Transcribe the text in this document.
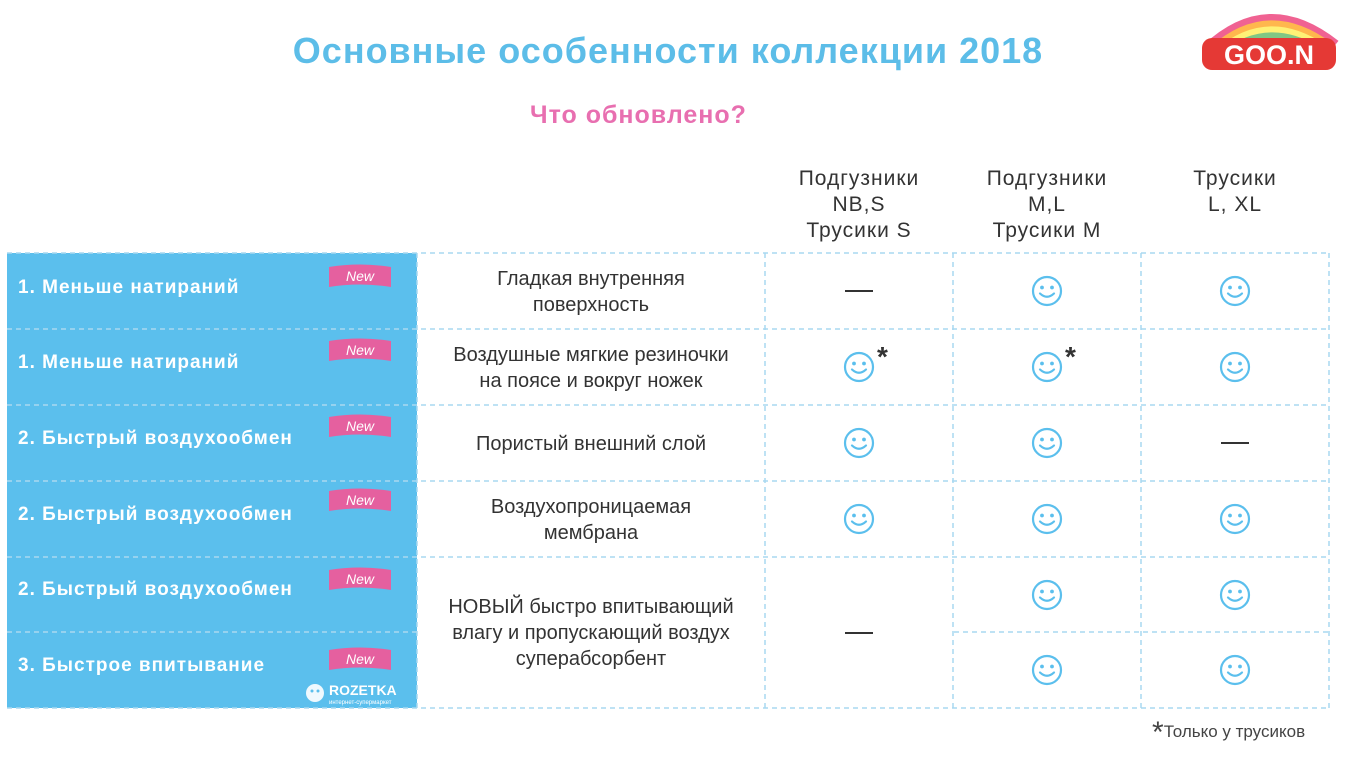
Основные особенности коллекции 2018
Что обновлено?
GOO.N
Подгузники
NB,S
Трусики S
Подгузники
M,L
Трусики M
Трусики
L, XL
1. Меньше натираний
1. Меньше натираний
2. Быстрый воздухообмен
2. Быстрый воздухообмен
2. Быстрый воздухообмен
3. Быстрое впитывание
New
New
New
New
New
New
Гладкая внутренняя
поверхность
Воздушные мягкие резиночки
на поясе и вокруг ножек
Пористый внешний слой
Воздухопроницаемая
мембрана
НОВЫЙ быстро впитывающий
влагу и пропускающий воздух
суперабсорбент
*	*
ROZETKA
интернет-супермаркет
*Только у трусиков
